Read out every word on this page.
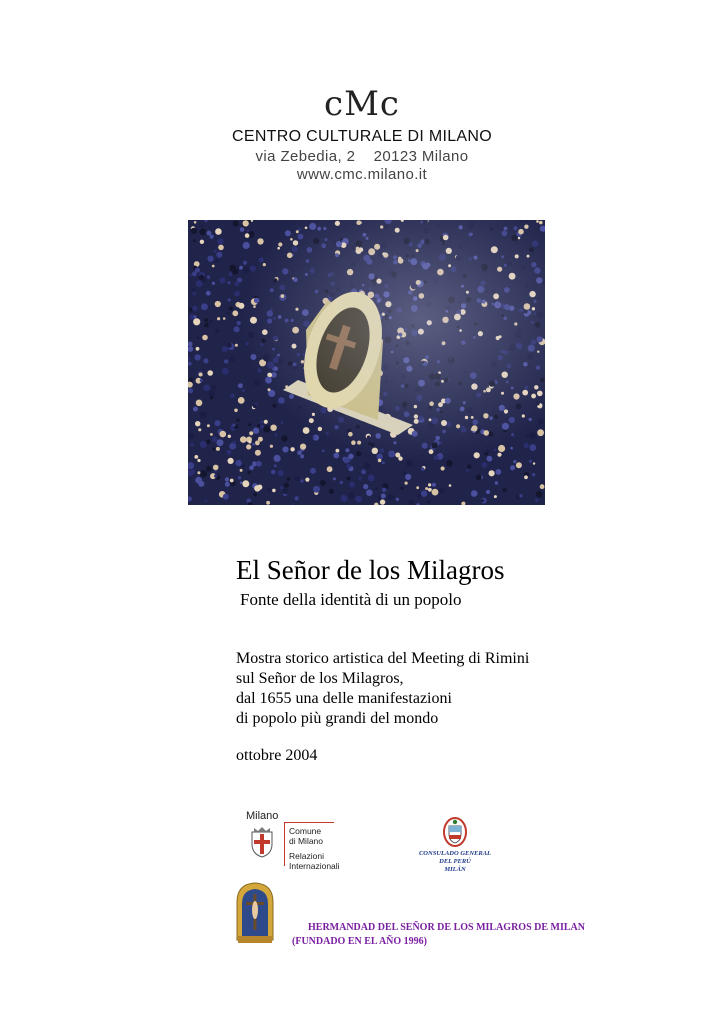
cMc
CENTRO CULTURALE DI MILANO
via Zebedia, 2    20123 Milano
www.cmc.milano.it
El Señor de los Milagros
Fonte della identità di un popolo
Mostra storico artistica del Meeting di Rimini
sul Señor de los Milagros,
dal 1655 una delle manifestazioni
di popolo più grandi del mondo
ottobre 2004
Milano
Comune
di Milano
Relazioni
Internazionali
CONSULADO GENERAL
DEL PERÚ
MILÁN
HERMANDAD DEL SEÑOR DE LOS MILAGROS DE MILAN
(FUNDADO EN EL AÑO 1996)
